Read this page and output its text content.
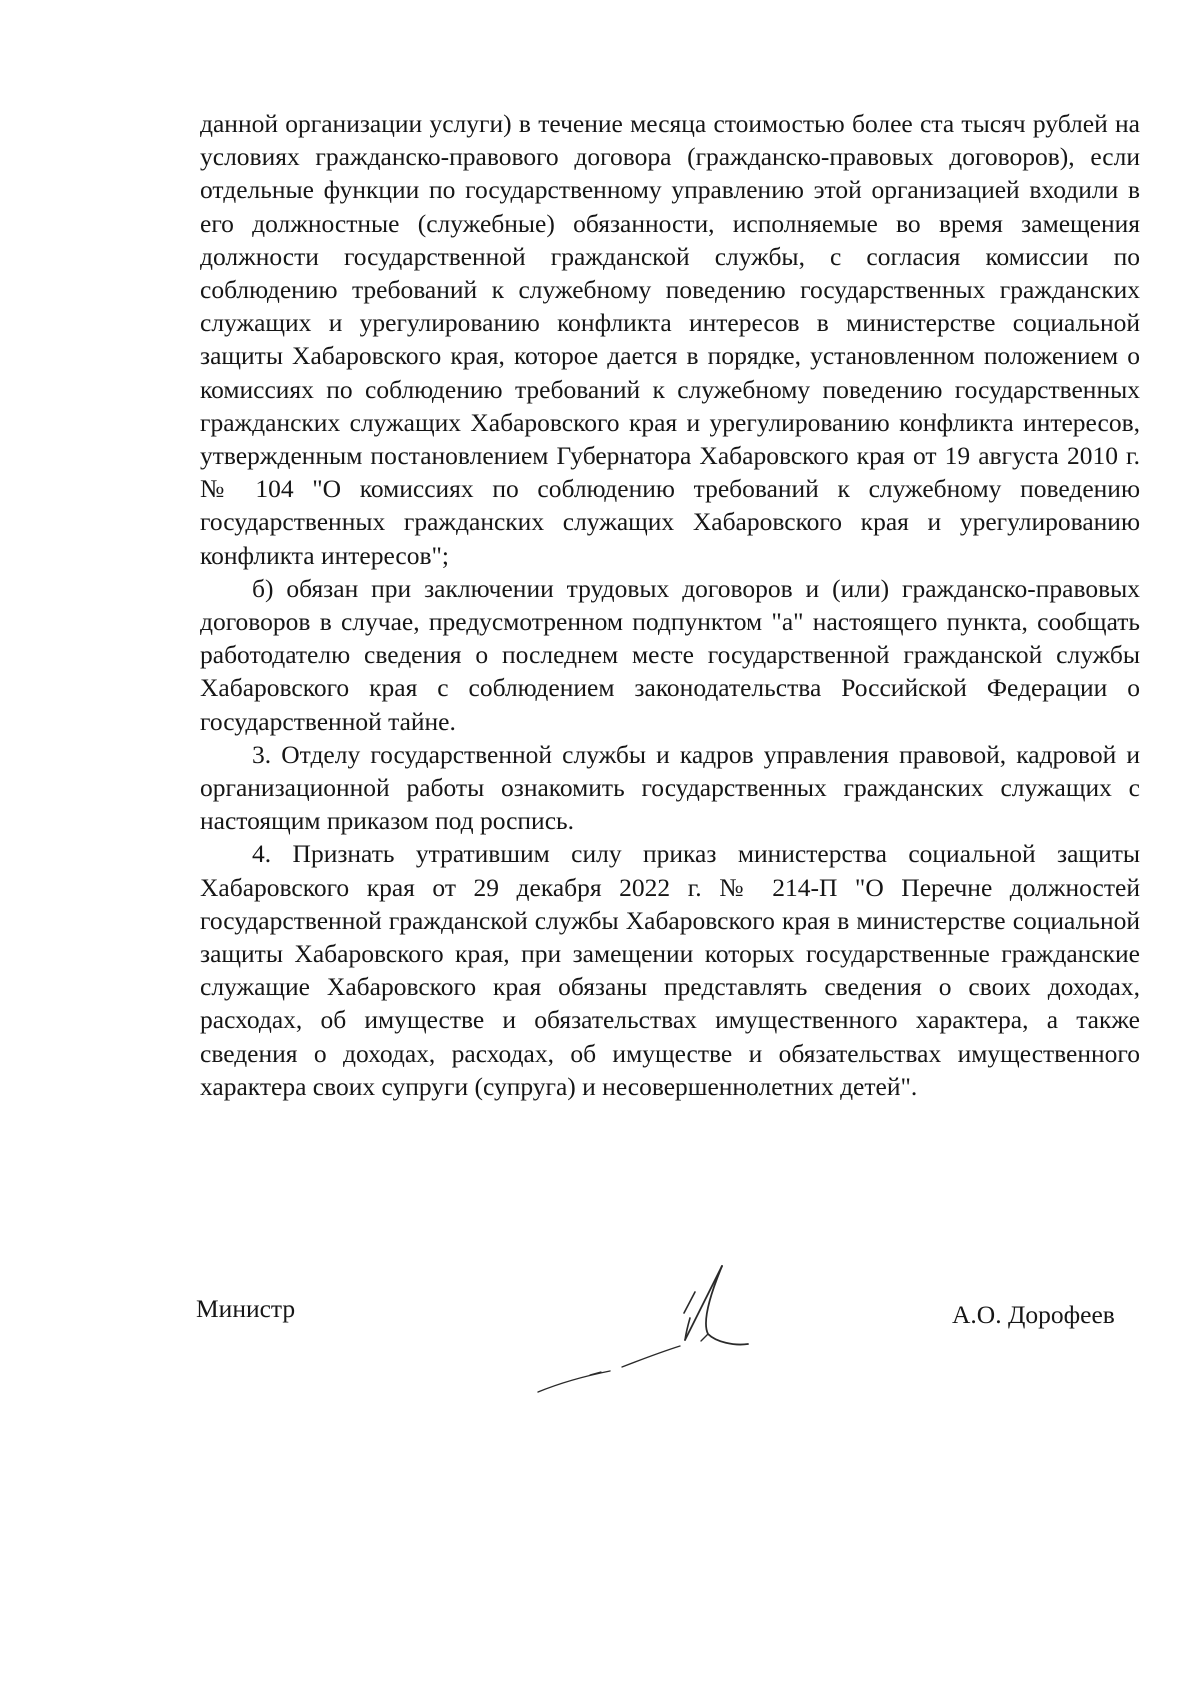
данной организации услуги) в течение месяца стоимостью более ста тысяч рублей на условиях гражданско-правового договора (гражданско-правовых договоров), если отдельные функции по государственному управлению этой организацией входили в его должностные (служебные) обязанности, исполняемые во время замещения должности государственной гражданской службы, с согласия комиссии по соблюдению требований к служебному поведению государственных гражданских служащих и урегулированию конфликта интересов в министерстве социальной защиты Хабаровского края, которое дается в порядке, установленном положением о комиссиях по соблюдению требований к служебному поведению государственных гражданских служащих Хабаровского края и урегулированию конфликта интересов, утвержденным постановлением Губернатора Хабаровского края от 19 августа 2010 г. № 104 "О комиссиях по соблюдению требований к служебному поведению государственных гражданских служащих Хабаровского края и урегулированию конфликта интересов";

б) обязан при заключении трудовых договоров и (или) гражданско-правовых договоров в случае, предусмотренном подпунктом "а" настоящего пункта, сообщать работодателю сведения о последнем месте государственной гражданской службы Хабаровского края с соблюдением законодательства Российской Федерации о государственной тайне.

3. Отделу государственной службы и кадров управления правовой, кадровой и организационной работы ознакомить государственных гражданских служащих с настоящим приказом под роспись.

4. Признать утратившим силу приказ министерства социальной защиты Хабаровского края от 29 декабря 2022 г. № 214-П "О Перечне должностей государственной гражданской службы Хабаровского края в министерстве социальной защиты Хабаровского края, при замещении которых государственные гражданские служащие Хабаровского края обязаны представлять сведения о своих доходах, расходах, об имуществе и обязательствах имущественного характера, а также сведения о доходах, расходах, об имуществе и обязательствах имущественного характера своих супруги (супруга) и несовершеннолетних детей".

Министр	А.О. Дорофеев
